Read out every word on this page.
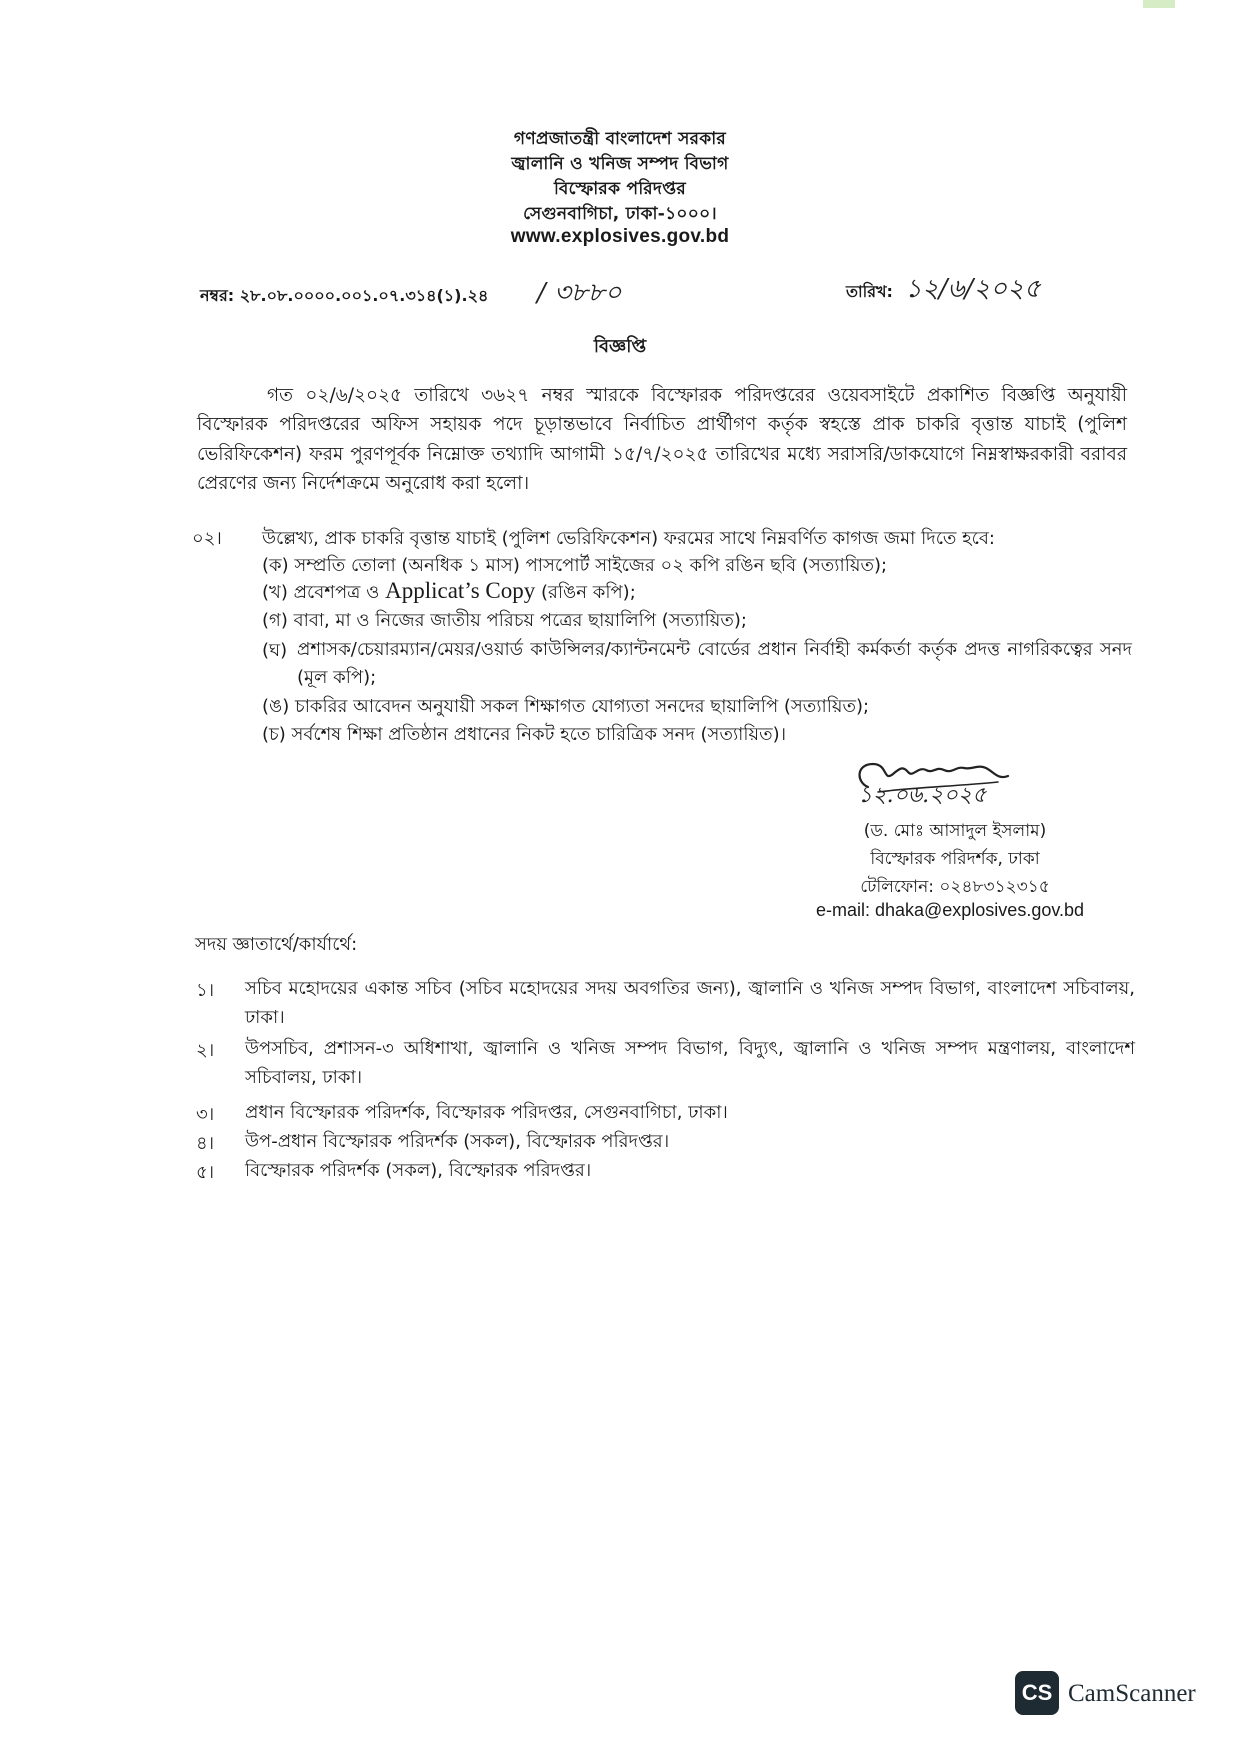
গণপ্রজাতন্ত্রী বাংলাদেশ সরকার
জ্বালানি ও খনিজ সম্পদ বিভাগ
বিস্ফোরক পরিদপ্তর
সেগুনবাগিচা, ঢাকা-১০০০।
www.explosives.gov.bd
নম্বর: ২৮.০৮.০০০০.০০১.০৭.৩১৪(১).২৪ / ৩৮৮০	তারিখ: ১২/৬/২০২৫
বিজ্ঞপ্তি
গত ০২/৬/২০২৫ তারিখে ৩৬২৭ নম্বর স্মারকে বিস্ফোরক পরিদপ্তরের ওয়েবসাইটে প্রকাশিত বিজ্ঞপ্তি অনুযায়ী বিস্ফোরক পরিদপ্তরের অফিস সহায়ক পদে চূড়ান্তভাবে নির্বাচিত প্রার্থীগণ কর্তৃক স্বহস্তে প্রাক চাকরি বৃত্তান্ত যাচাই (পুলিশ ভেরিফিকেশন) ফরম পুরণপূর্বক নিম্নোক্ত তথ্যাদি আগামী ১৫/৭/২০২৫ তারিখের মধ্যে সরাসরি/ডাকযোগে নিম্নস্বাক্ষরকারী বরাবর প্রেরণের জন্য নির্দেশক্রমে অনুরোধ করা হলো।
০২। উল্লেখ্য, প্রাক চাকরি বৃত্তান্ত যাচাই (পুলিশ ভেরিফিকেশন) ফরমের সাথে নিম্নবর্ণিত কাগজ জমা দিতে হবে:
(ক) সম্প্রতি তোলা (অনধিক ১ মাস) পাসপোর্ট সাইজের ০২ কপি রঙিন ছবি (সত্যায়িত);
(খ) প্রবেশপত্র ও Applicat’s Copy (রঙিন কপি);
(গ) বাবা, মা ও নিজের জাতীয় পরিচয় পত্রের ছায়ালিপি (সত্যায়িত);
(ঘ) প্রশাসক/চেয়ারম্যান/মেয়র/ওয়ার্ড কাউন্সিলর/ক্যান্টনমেন্ট বোর্ডের প্রধান নির্বাহী কর্মকর্তা কর্তৃক প্রদত্ত নাগরিকত্বের সনদ (মূল কপি);
(ঙ) চাকরির আবেদন অনুযায়ী সকল শিক্ষাগত যোগ্যতা সনদের ছায়ালিপি (সত্যায়িত);
(চ) সর্বশেষ শিক্ষা প্রতিষ্ঠান প্রধানের নিকট হতে চারিত্রিক সনদ (সত্যায়িত)।
১২.০৬.২০২৫
(ড. মোঃ আসাদুল ইসলাম)
বিস্ফোরক পরিদর্শক, ঢাকা
টেলিফোন: ০২৪৮৩১২৩১৫
e-mail: dhaka@explosives.gov.bd
সদয় জ্ঞাতার্থে/কার্যার্থে:
১। সচিব মহোদয়ের একান্ত সচিব (সচিব মহোদয়ের সদয় অবগতির জন্য), জ্বালানি ও খনিজ সম্পদ বিভাগ, বাংলাদেশ সচিবালয়, ঢাকা।
২। উপসচিব, প্রশাসন-৩ অধিশাখা, জ্বালানি ও খনিজ সম্পদ বিভাগ, বিদ্যুৎ, জ্বালানি ও খনিজ সম্পদ মন্ত্রণালয়, বাংলাদেশ সচিবালয়, ঢাকা।
৩। প্রধান বিস্ফোরক পরিদর্শক, বিস্ফোরক পরিদপ্তর, সেগুনবাগিচা, ঢাকা।
৪। উপ-প্রধান বিস্ফোরক পরিদর্শক (সকল), বিস্ফোরক পরিদপ্তর।
৫। বিস্ফোরক পরিদর্শক (সকল), বিস্ফোরক পরিদপ্তর।
CS CamScanner
